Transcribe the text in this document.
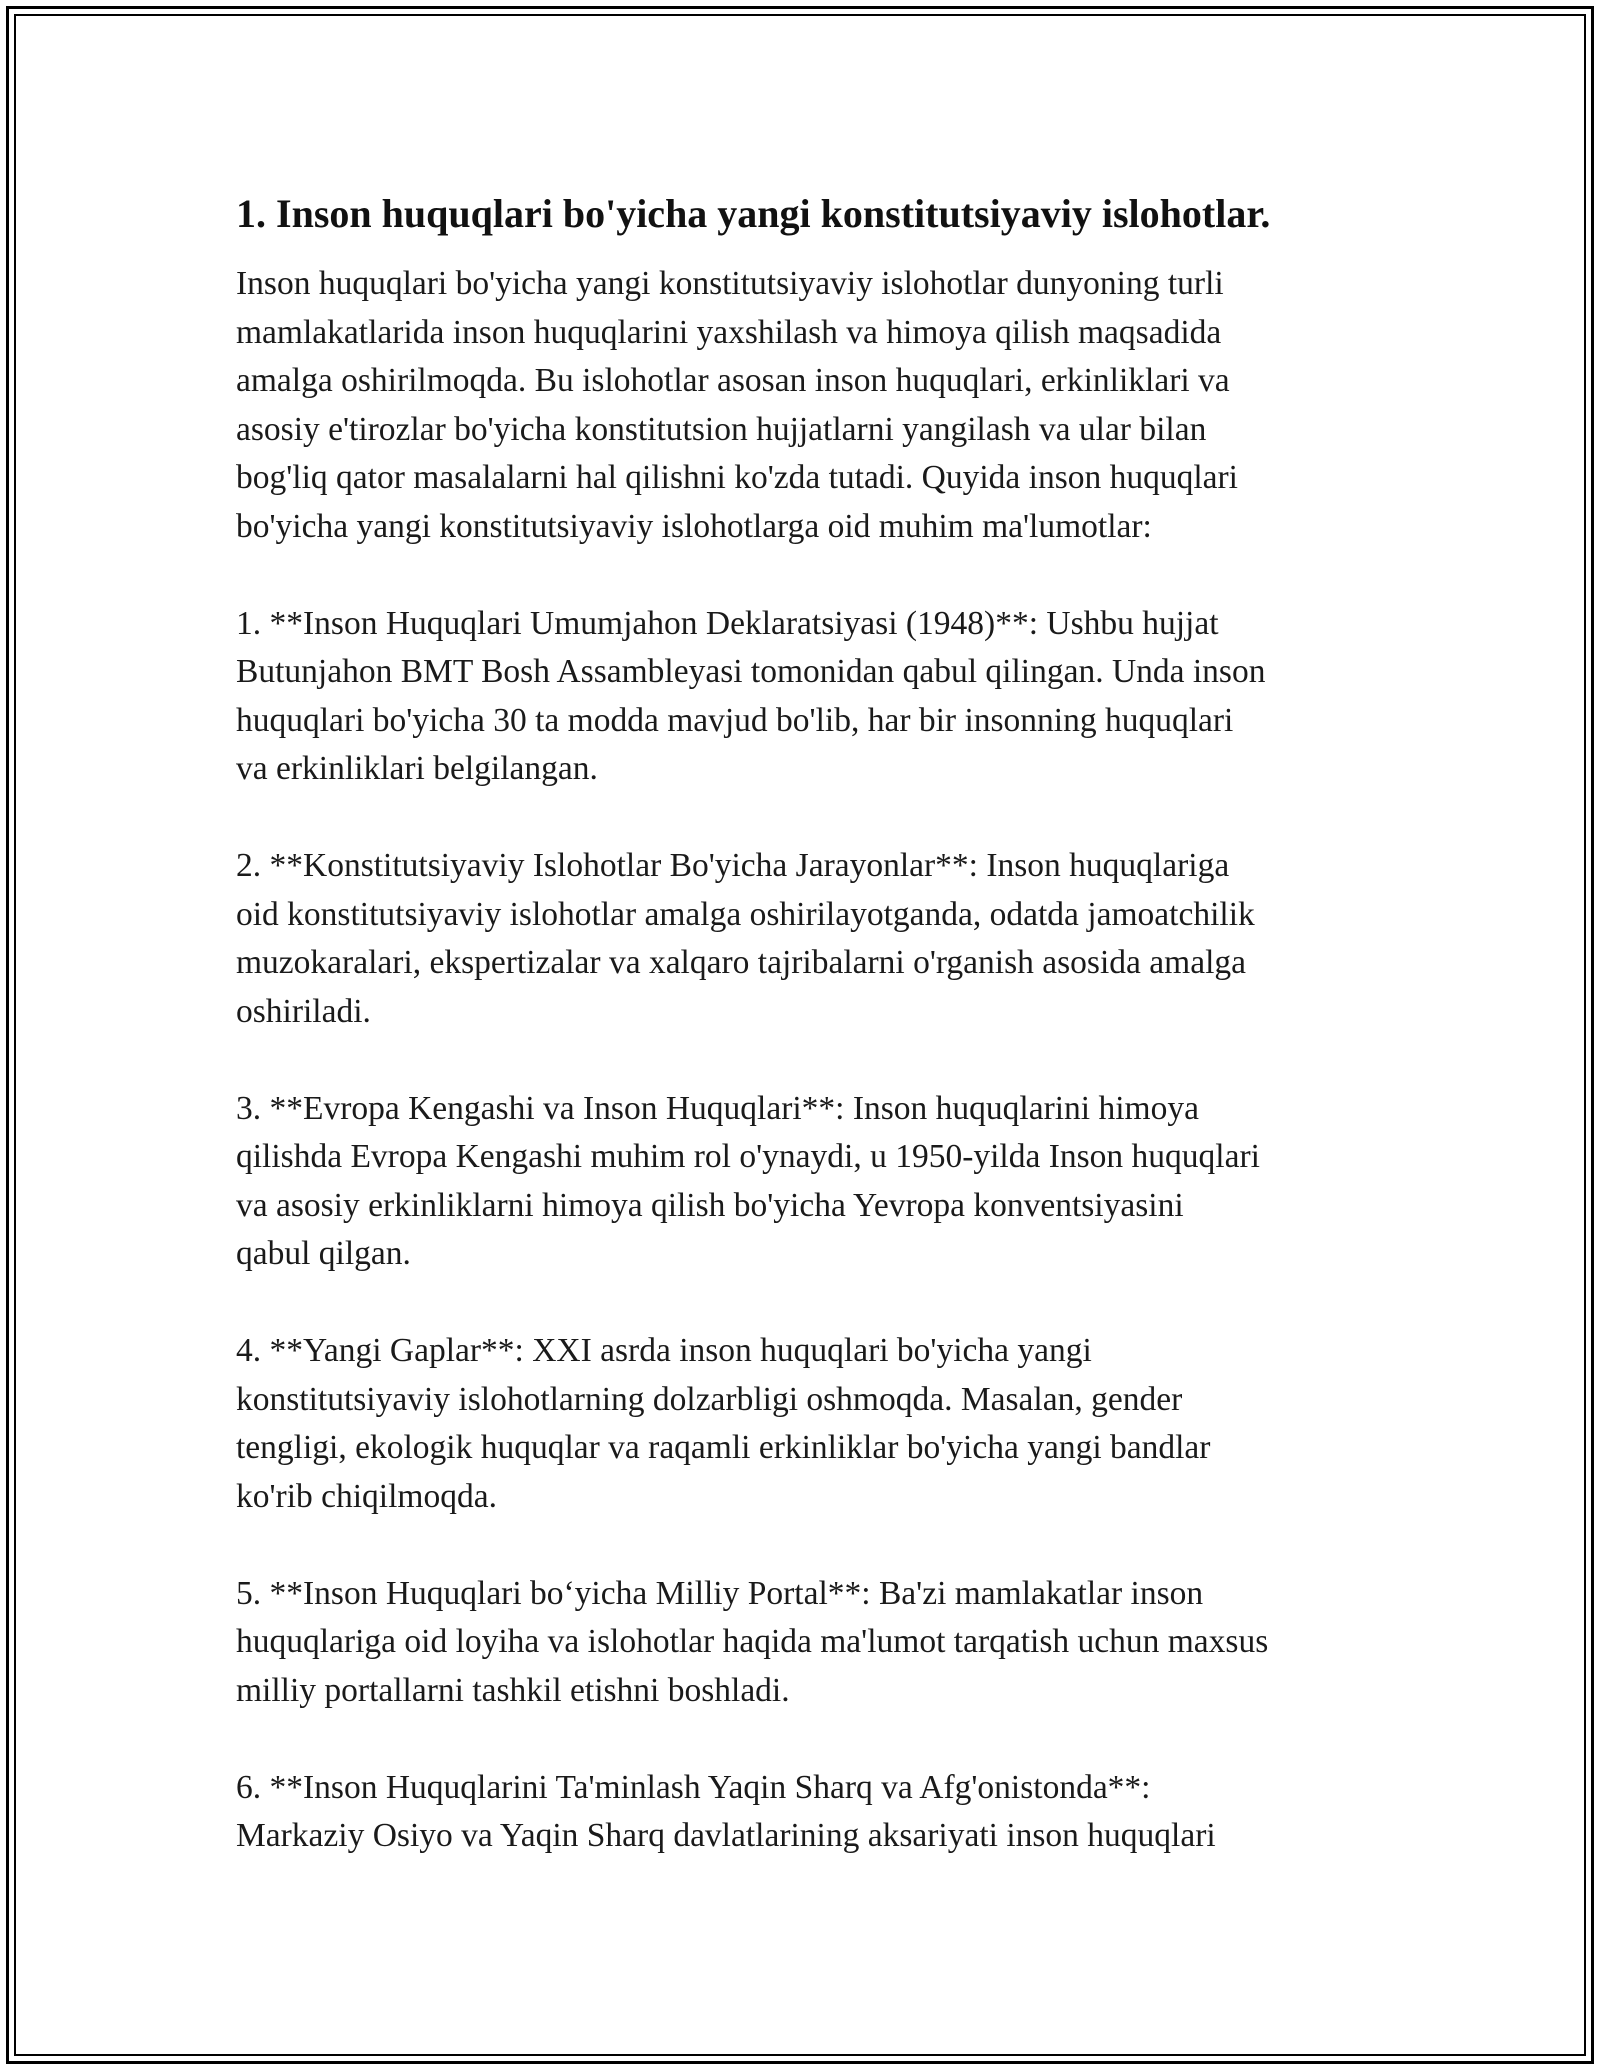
1. Inson huquqlari bo'yicha yangi konstitutsiyaviy islohotlar.

Inson huquqlari bo'yicha yangi konstitutsiyaviy islohotlar dunyoning turli
mamlakatlarida inson huquqlarini yaxshilash va himoya qilish maqsadida
amalga oshirilmoqda. Bu islohotlar asosan inson huquqlari, erkinliklari va
asosiy e'tirozlar bo'yicha konstitutsion hujjatlarni yangilash va ular bilan
bog'liq qator masalalarni hal qilishni ko'zda tutadi. Quyida inson huquqlari
bo'yicha yangi konstitutsiyaviy islohotlarga oid muhim ma'lumotlar:

1. **Inson Huquqlari Umumjahon Deklaratsiyasi (1948)**: Ushbu hujjat
Butunjahon BMT Bosh Assambleyasi tomonidan qabul qilingan. Unda inson
huquqlari bo'yicha 30 ta modda mavjud bo'lib, har bir insonning huquqlari
va erkinliklari belgilangan.

2. **Konstitutsiyaviy Islohotlar Bo'yicha Jarayonlar**: Inson huquqlariga
oid konstitutsiyaviy islohotlar amalga oshirilayotganda, odatda jamoatchilik
muzokaralari, ekspertizalar va xalqaro tajribalarni o'rganish asosida amalga
oshiriladi.

3. **Evropa Kengashi va Inson Huquqlari**: Inson huquqlarini himoya
qilishda Evropa Kengashi muhim rol o'ynaydi, u 1950-yilda Inson huquqlari
va asosiy erkinliklarni himoya qilish bo'yicha Yevropa konventsiyasini
qabul qilgan.

4. **Yangi Gaplar**: XXI asrda inson huquqlari bo'yicha yangi
konstitutsiyaviy islohotlarning dolzarbligi oshmoqda. Masalan, gender
tengligi, ekologik huquqlar va raqamli erkinliklar bo'yicha yangi bandlar
ko'rib chiqilmoqda.

5. **Inson Huquqlari bo‘yicha Milliy Portal**: Ba'zi mamlakatlar inson
huquqlariga oid loyiha va islohotlar haqida ma'lumot tarqatish uchun maxsus
milliy portallarni tashkil etishni boshladi.

6. **Inson Huquqlarini Ta'minlash Yaqin Sharq va Afg'onistonda**:
Markaziy Osiyo va Yaqin Sharq davlatlarining aksariyati inson huquqlari
